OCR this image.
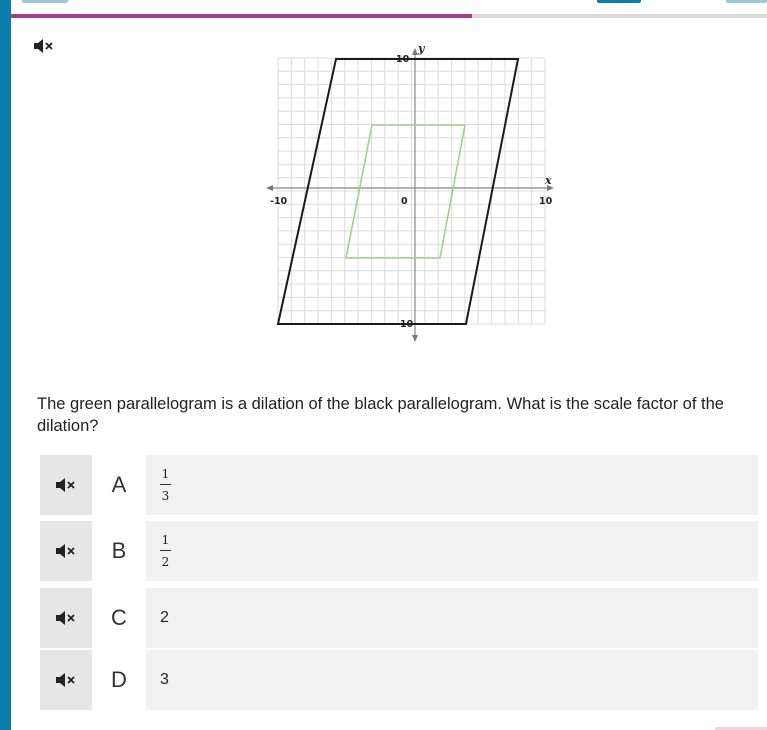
y
x
-10	10
0
10
-10
The green parallelogram is a dilation of the black parallelogram. What is the scale factor of the dilation?
A	$\frac{1}{3}$
B	$\frac{1}{2}$
C	2
D	3
